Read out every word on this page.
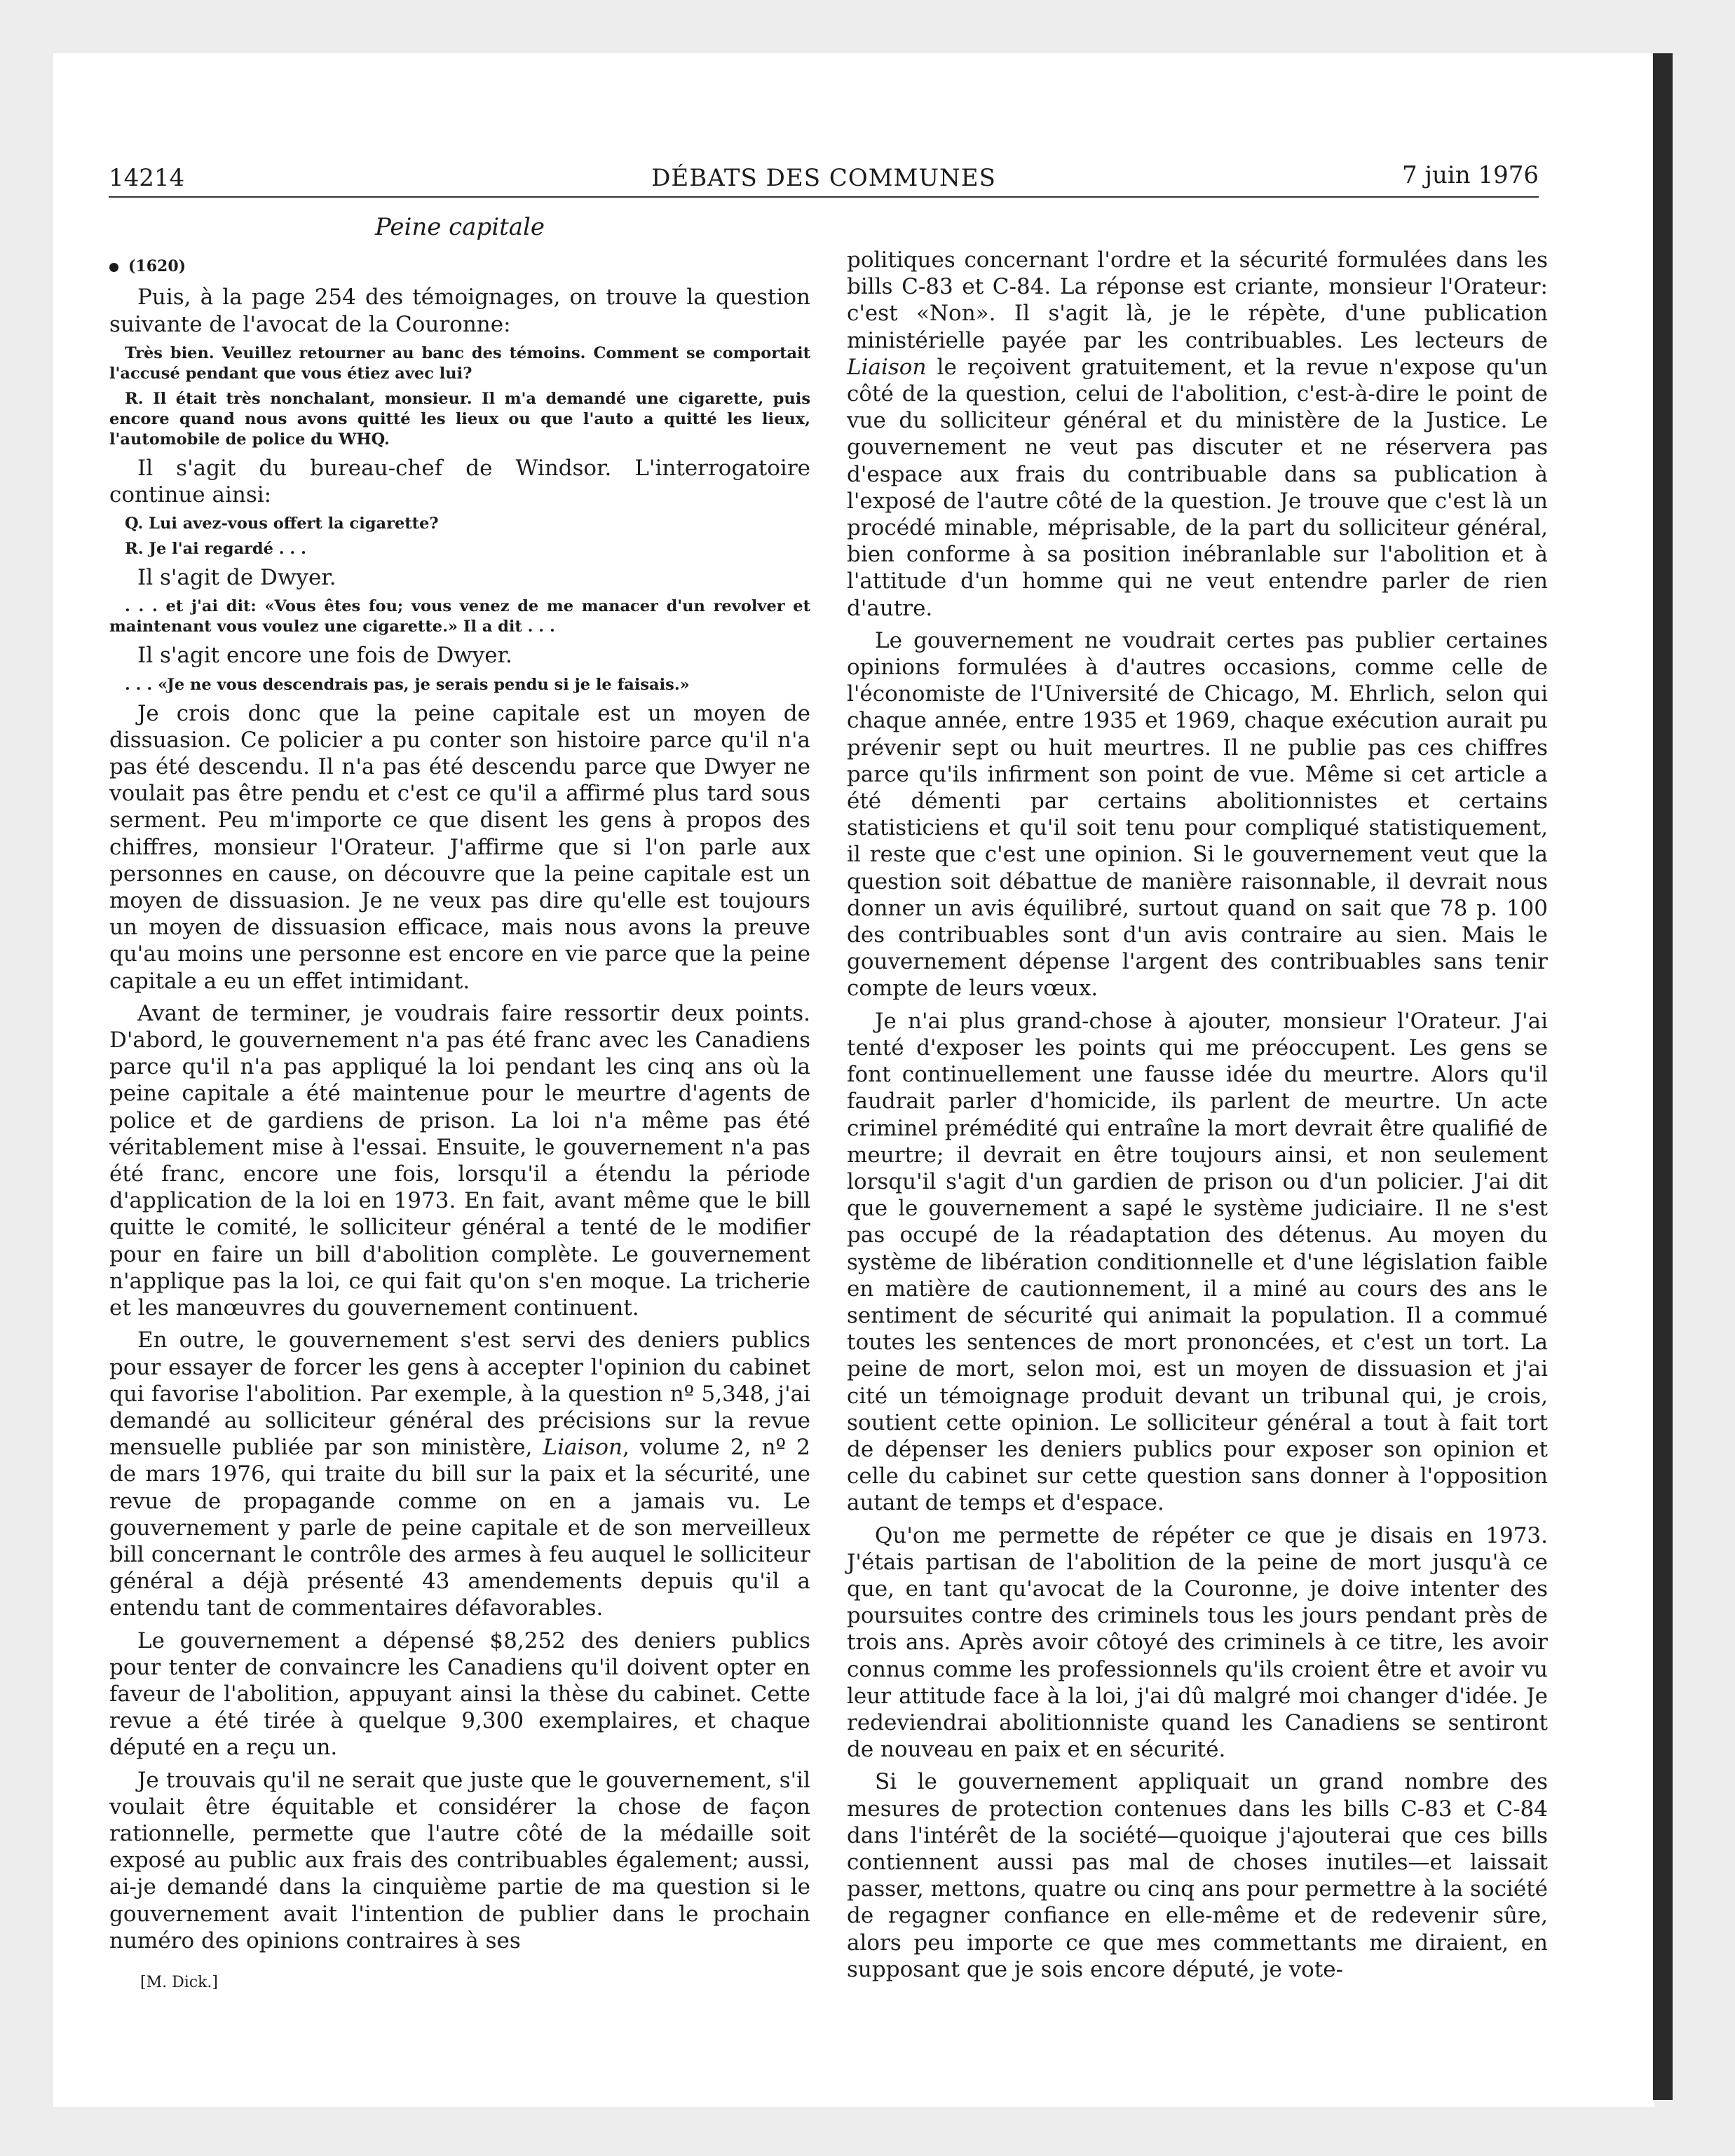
14214	DÉBATS DES COMMUNES	7 juin 1976
Peine capitale
(1620)

Puis, à la page 254 des témoignages, on trouve la question suivante de l'avocat de la Couronne:

Très bien. Veuillez retourner au banc des témoins. Comment se comportait l'accusé pendant que vous étiez avec lui?
R. Il était très nonchalant, monsieur. Il m'a demandé une cigarette, puis encore quand nous avons quitté les lieux ou que l'auto a quitté les lieux, l'automobile de police du WHQ.

Il s'agit du bureau-chef de Windsor. L'interrogatoire continue ainsi:

Q. Lui avez-vous offert la cigarette?
R. Je l'ai regardé . . .

Il s'agit de Dwyer.

. . . et j'ai dit: «Vous êtes fou; vous venez de me manacer d'un revolver et maintenant vous voulez une cigarette.» Il a dit . . .

Il s'agit encore une fois de Dwyer.

. . . «Je ne vous descendrais pas, je serais pendu si je le faisais.»

Je crois donc que la peine capitale est un moyen de dissuasion. Ce policier a pu conter son histoire parce qu'il n'a pas été descendu. Il n'a pas été descendu parce que Dwyer ne voulait pas être pendu et c'est ce qu'il a affirmé plus tard sous serment. Peu m'importe ce que disent les gens à propos des chiffres, monsieur l'Orateur. J'affirme que si l'on parle aux personnes en cause, on découvre que la peine capitale est un moyen de dissuasion. Je ne veux pas dire qu'elle est toujours un moyen de dissuasion efficace, mais nous avons la preuve qu'au moins une personne est encore en vie parce que la peine capitale a eu un effet intimidant.

Avant de terminer, je voudrais faire ressortir deux points. D'abord, le gouvernement n'a pas été franc avec les Canadiens parce qu'il n'a pas appliqué la loi pendant les cinq ans où la peine capitale a été maintenue pour le meurtre d'agents de police et de gardiens de prison. La loi n'a même pas été véritablement mise à l'essai. Ensuite, le gouvernement n'a pas été franc, encore une fois, lorsqu'il a étendu la période d'application de la loi en 1973. En fait, avant même que le bill quitte le comité, le solliciteur général a tenté de le modifier pour en faire un bill d'abolition complète. Le gouvernement n'applique pas la loi, ce qui fait qu'on s'en moque. La tricherie et les manœuvres du gouvernement continuent.

En outre, le gouvernement s'est servi des deniers publics pour essayer de forcer les gens à accepter l'opinion du cabinet qui favorise l'abolition. Par exemple, à la question nº 5,348, j'ai demandé au solliciteur général des précisions sur la revue mensuelle publiée par son ministère, Liaison, volume 2, nº 2 de mars 1976, qui traite du bill sur la paix et la sécurité, une revue de propagande comme on en a jamais vu. Le gouvernement y parle de peine capitale et de son merveilleux bill concernant le contrôle des armes à feu auquel le solliciteur général a déjà présenté 43 amendements depuis qu'il a entendu tant de commentaires défavorables.

Le gouvernement a dépensé $8,252 des deniers publics pour tenter de convaincre les Canadiens qu'il doivent opter en faveur de l'abolition, appuyant ainsi la thèse du cabinet. Cette revue a été tirée à quelque 9,300 exemplaires, et chaque député en a reçu un.

Je trouvais qu'il ne serait que juste que le gouvernement, s'il voulait être équitable et considérer la chose de façon rationnelle, permette que l'autre côté de la médaille soit exposé au public aux frais des contribuables également; aussi, ai-je demandé dans la cinquième partie de ma question si le gouvernement avait l'intention de publier dans le prochain numéro des opinions contraires à ses

[M. Dick.]

politiques concernant l'ordre et la sécurité formulées dans les bills C-83 et C-84. La réponse est criante, monsieur l'Orateur: c'est «Non». Il s'agit là, je le répète, d'une publication ministérielle payée par les contribuables. Les lecteurs de Liaison le reçoivent gratuitement, et la revue n'expose qu'un côté de la question, celui de l'abolition, c'est-à-dire le point de vue du solliciteur général et du ministère de la Justice. Le gouvernement ne veut pas discuter et ne réservera pas d'espace aux frais du contribuable dans sa publication à l'exposé de l'autre côté de la question. Je trouve que c'est là un procédé minable, méprisable, de la part du solliciteur général, bien conforme à sa position inébranlable sur l'abolition et à l'attitude d'un homme qui ne veut entendre parler de rien d'autre.

Le gouvernement ne voudrait certes pas publier certaines opinions formulées à d'autres occasions, comme celle de l'économiste de l'Université de Chicago, M. Ehrlich, selon qui chaque année, entre 1935 et 1969, chaque exécution aurait pu prévenir sept ou huit meurtres. Il ne publie pas ces chiffres parce qu'ils infirment son point de vue. Même si cet article a été démenti par certains abolitionnistes et certains statisticiens et qu'il soit tenu pour compliqué statistiquement, il reste que c'est une opinion. Si le gouvernement veut que la question soit débattue de manière raisonnable, il devrait nous donner un avis équilibré, surtout quand on sait que 78 p. 100 des contribuables sont d'un avis contraire au sien. Mais le gouvernement dépense l'argent des contribuables sans tenir compte de leurs vœux.

Je n'ai plus grand-chose à ajouter, monsieur l'Orateur. J'ai tenté d'exposer les points qui me préoccupent. Les gens se font continuellement une fausse idée du meurtre. Alors qu'il faudrait parler d'homicide, ils parlent de meurtre. Un acte criminel prémédité qui entraîne la mort devrait être qualifié de meurtre; il devrait en être toujours ainsi, et non seulement lorsqu'il s'agit d'un gardien de prison ou d'un policier. J'ai dit que le gouvernement a sapé le système judiciaire. Il ne s'est pas occupé de la réadaptation des détenus. Au moyen du système de libération conditionnelle et d'une législation faible en matière de cautionnement, il a miné au cours des ans le sentiment de sécurité qui animait la population. Il a commué toutes les sentences de mort prononcées, et c'est un tort. La peine de mort, selon moi, est un moyen de dissuasion et j'ai cité un témoignage produit devant un tribunal qui, je crois, soutient cette opinion. Le solliciteur général a tout à fait tort de dépenser les deniers publics pour exposer son opinion et celle du cabinet sur cette question sans donner à l'opposition autant de temps et d'espace.

Qu'on me permette de répéter ce que je disais en 1973. J'étais partisan de l'abolition de la peine de mort jusqu'à ce que, en tant qu'avocat de la Couronne, je doive intenter des poursuites contre des criminels tous les jours pendant près de trois ans. Après avoir côtoyé des criminels à ce titre, les avoir connus comme les professionnels qu'ils croient être et avoir vu leur attitude face à la loi, j'ai dû malgré moi changer d'idée. Je redeviendrai abolitionniste quand les Canadiens se sentiront de nouveau en paix et en sécurité.

Si le gouvernement appliquait un grand nombre des mesures de protection contenues dans les bills C-83 et C-84 dans l'intérêt de la société—quoique j'ajouterai que ces bills contiennent aussi pas mal de choses inutiles—et laissait passer, mettons, quatre ou cinq ans pour permettre à la société de regagner confiance en elle-même et de redevenir sûre, alors peu importe ce que mes commettants me diraient, en supposant que je sois encore député, je vote-
